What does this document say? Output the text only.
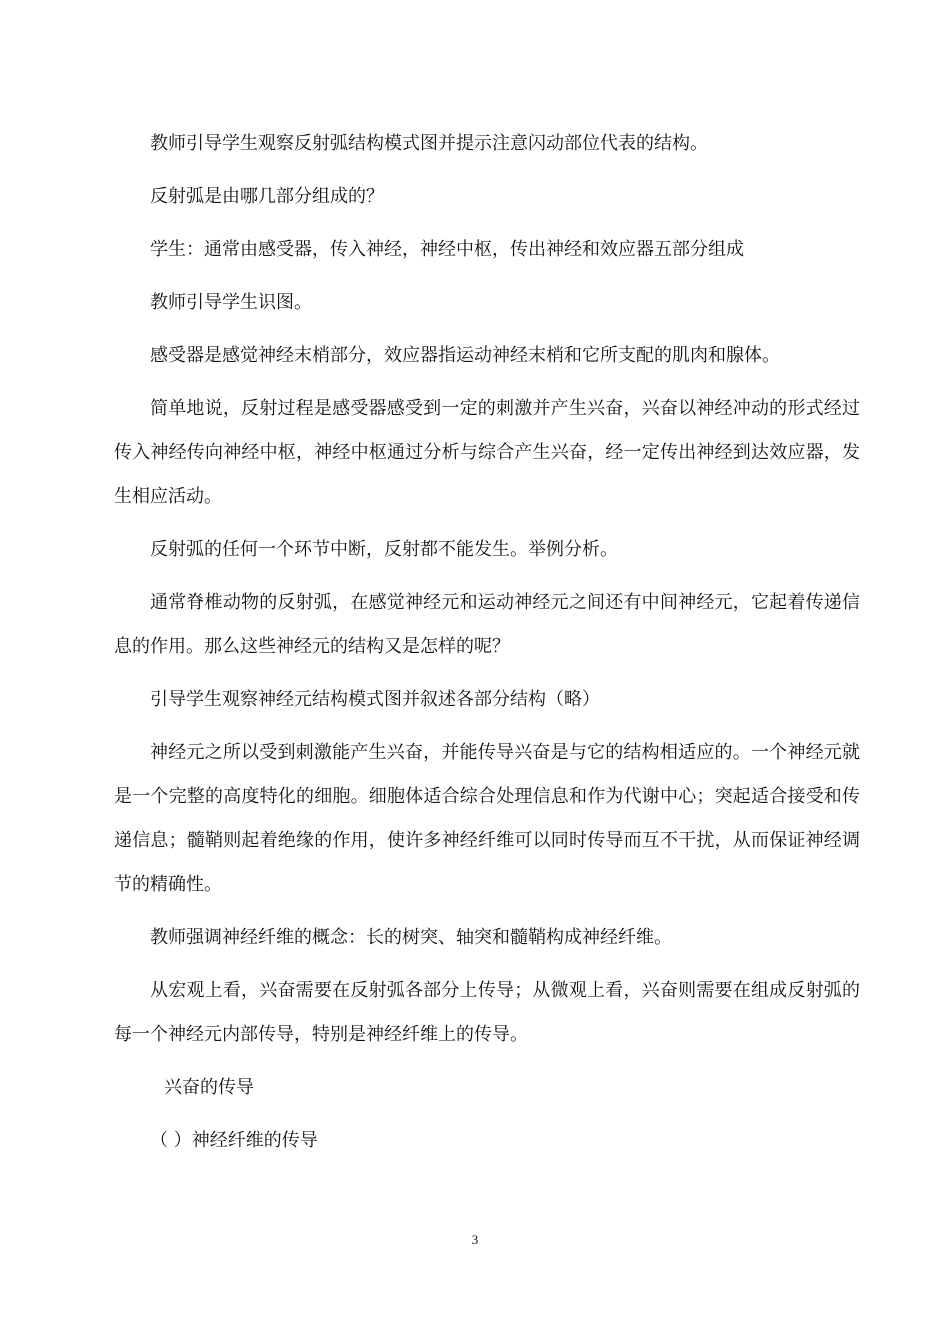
教师引导学生观察反射弧结构模式图并提示注意闪动部位代表的结构。

反射弧是由哪几部分组成的？

学生：通常由感受器，传入神经，神经中枢，传出神经和效应器五部分组成

教师引导学生识图。

感受器是感觉神经末梢部分，效应器指运动神经末梢和它所支配的肌肉和腺体。

简单地说，反射过程是感受器感受到一定的刺激并产生兴奋，兴奋以神经冲动的形式经过传入神经传向神经中枢，神经中枢通过分析与综合产生兴奋，经一定传出神经到达效应器，发生相应活动。

反射弧的任何一个环节中断，反射都不能发生。举例分析。

通常脊椎动物的反射弧，在感觉神经元和运动神经元之间还有中间神经元，它起着传递信息的作用。那么这些神经元的结构又是怎样的呢？

引导学生观察神经元结构模式图并叙述各部分结构（略）

神经元之所以受到刺激能产生兴奋，并能传导兴奋是与它的结构相适应的。一个神经元就是一个完整的高度特化的细胞。细胞体适合综合处理信息和作为代谢中心；突起适合接受和传递信息；髓鞘则起着绝缘的作用，使许多神经纤维可以同时传导而互不干扰，从而保证神经调节的精确性。

教师强调神经纤维的概念：长的树突、轴突和髓鞘构成神经纤维。

从宏观上看，兴奋需要在反射弧各部分上传导；从微观上看，兴奋则需要在组成反射弧的每一个神经元内部传导，特别是神经纤维上的传导。

兴奋的传导

（ ）神经纤维的传导

3
